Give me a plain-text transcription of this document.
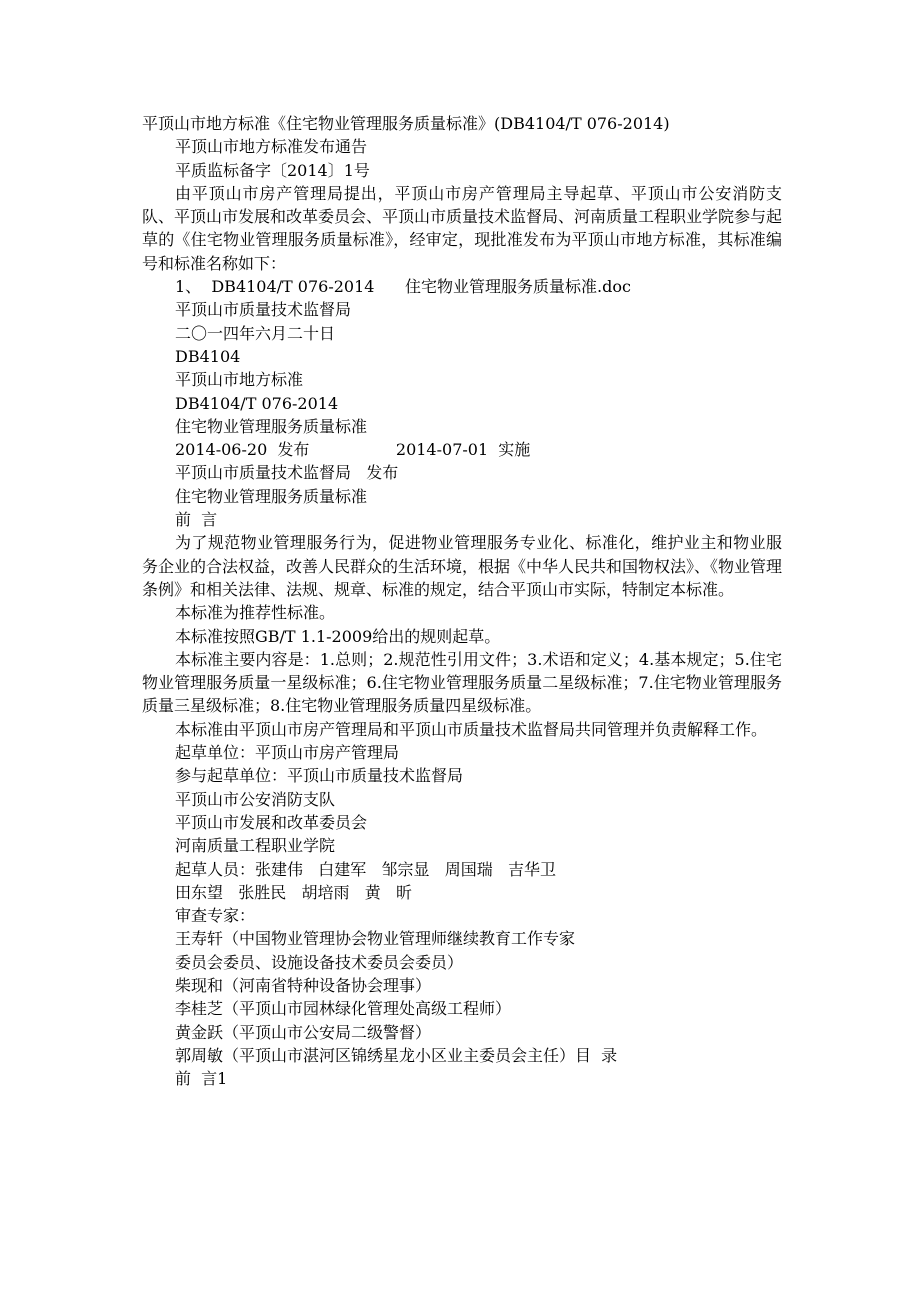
平顶山市地方标准《住宅物业管理服务质量标准》(DB4104/T 076-2014)
平顶山市地方标准发布通告
平质监标备字〔2014〕1号

由平顶山市房产管理局提出，平顶山市房产管理局主导起草、平顶山市公安消防支队、平顶山市发展和改革委员会、平顶山市质量技术监督局、河南质量工程职业学院参与起草的《住宅物业管理服务质量标准》，经审定，现批准发布为平顶山市地方标准，其标准编号和标准名称如下：

1、  DB4104/T 076-2014      住宅物业管理服务质量标准.doc
平顶山市质量技术监督局
二〇一四年六月二十日
DB4104
平顶山市地方标准
DB4104/T 076-2014
住宅物业管理服务质量标准
2014-06-20  发布                 2014-07-01  实施
平顶山市质量技术监督局   发布
住宅物业管理服务质量标准
前  言

为了规范物业管理服务行为，促进物业管理服务专业化、标准化，维护业主和物业服务企业的合法权益，改善人民群众的生活环境，根据《中华人民共和国物权法》、《物业管理条例》和相关法律、法规、规章、标准的规定，结合平顶山市实际，特制定本标准。

本标准为推荐性标准。
本标准按照GB/T 1.1-2009给出的规则起草。

本标准主要内容是：1.总则；2.规范性引用文件；3.术语和定义；4.基本规定；5.住宅物业管理服务质量一星级标准；6.住宅物业管理服务质量二星级标准；7.住宅物业管理服务质量三星级标准；8.住宅物业管理服务质量四星级标准。

本标准由平顶山市房产管理局和平顶山市质量技术监督局共同管理并负责解释工作。

起草单位：平顶山市房产管理局
参与起草单位：平顶山市质量技术监督局
平顶山市公安消防支队
平顶山市发展和改革委员会
河南质量工程职业学院
起草人员：张建伟   白建军   邹宗显   周国瑞   吉华卫
田东望   张胜民   胡培雨   黄   昕
审查专家：
王寿轩（中国物业管理协会物业管理师继续教育工作专家
委员会委员、设施设备技术委员会委员）
柴现和（河南省特种设备协会理事）
李桂芝（平顶山市园林绿化管理处高级工程师）
黄金跃（平顶山市公安局二级警督）
郭周敏（平顶山市湛河区锦绣星龙小区业主委员会主任）目  录
前  言1
